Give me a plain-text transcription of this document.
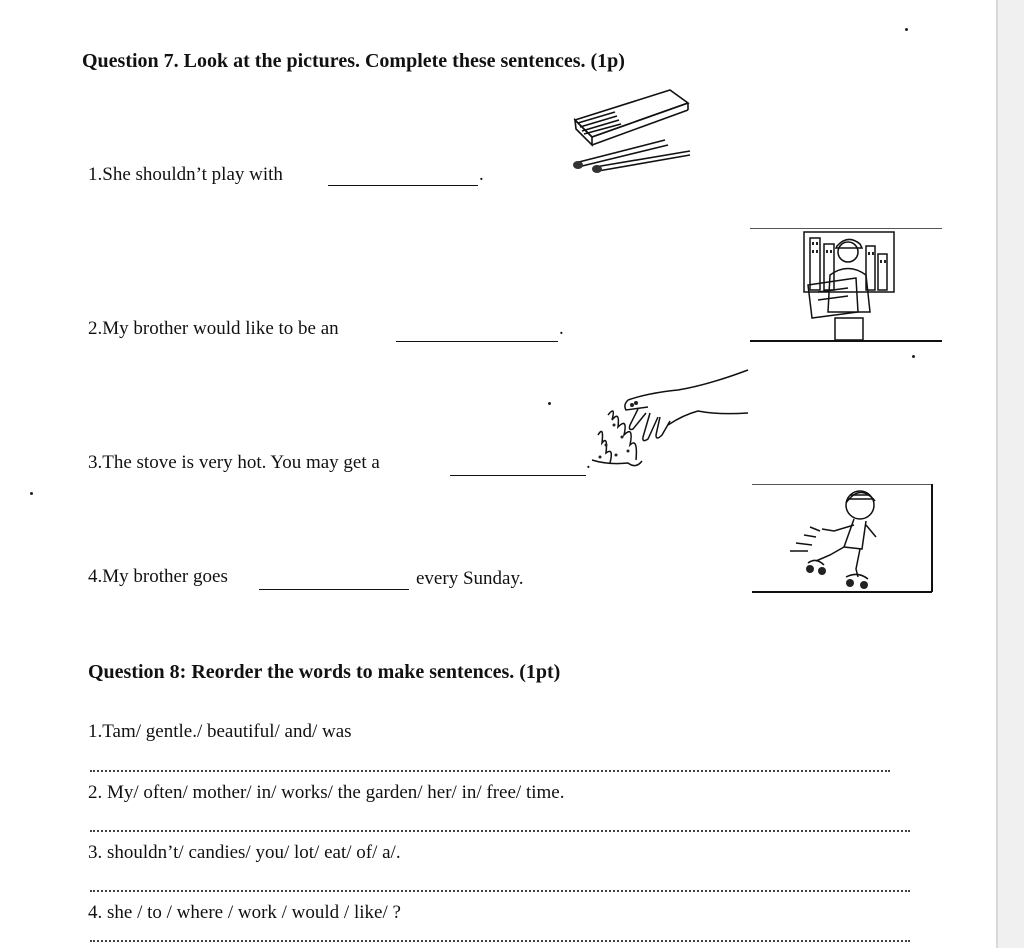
Question 7. Look at the pictures. Complete these sentences. (1p)
1.She shouldn’t play with	.
2.My brother would like to be an	.
3.The stove is very hot. You may get a	.
4.My brother goes	every Sunday.
Question 8: Reorder the words to make sentences. (1pt)
1.Tam/ gentle./ beautiful/ and/ was
2. My/ often/ mother/ in/ works/ the garden/ her/ in/ free/ time.
3. shouldn’t/ candies/ you/ lot/ eat/ of/ a/.
4. she / to / where / work / would / like/ ?
